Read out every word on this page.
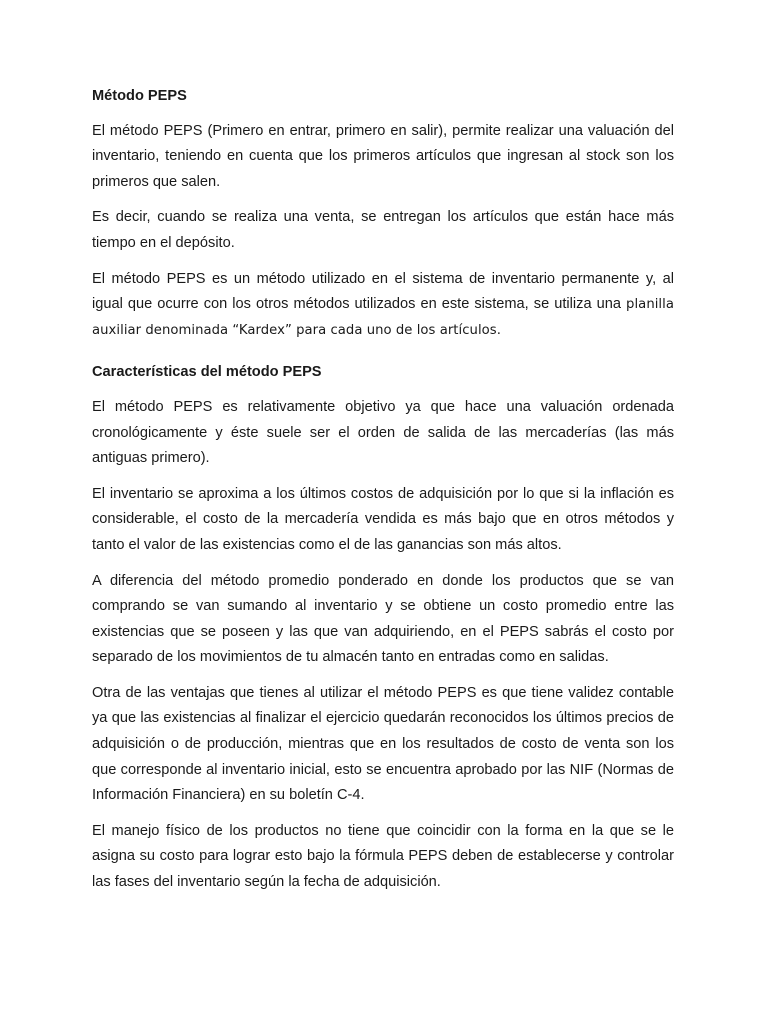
Método PEPS

El método PEPS (Primero en entrar, primero en salir), permite realizar una valuación del inventario, teniendo en cuenta que los primeros artículos que ingresan al stock son los primeros que salen.

Es decir, cuando se realiza una venta, se entregan los artículos que están hace más tiempo en el depósito.

El método PEPS es un método utilizado en el sistema de inventario permanente y, al igual que ocurre con los otros métodos utilizados en este sistema, se utiliza una planilla auxiliar denominada “Kardex” para cada uno de los artículos.

Características del método PEPS

El método PEPS es relativamente objetivo ya que hace una valuación ordenada cronológicamente y éste suele ser el orden de salida de las mercaderías (las más antiguas primero).

El inventario se aproxima a los últimos costos de adquisición por lo que si la inflación es considerable, el costo de la mercadería vendida es más bajo que en otros métodos y tanto el valor de las existencias como el de las ganancias son más altos.

A diferencia del método promedio ponderado en donde los productos que se van comprando se van sumando al inventario y se obtiene un costo promedio entre las existencias que se poseen y las que van adquiriendo, en el PEPS sabrás el costo por separado de los movimientos de tu almacén tanto en entradas como en salidas.

Otra de las ventajas que tienes al utilizar el método PEPS es que tiene validez contable ya que las existencias al finalizar el ejercicio quedarán reconocidos los últimos precios de adquisición o de producción, mientras que en los resultados de costo de venta son los que corresponde al inventario inicial, esto se encuentra aprobado por las NIF (Normas de Información Financiera) en su boletín C-4.

El manejo físico de los productos no tiene que coincidir con la forma en la que se le asigna su costo para lograr esto bajo la fórmula PEPS deben de establecerse y controlar las fases del inventario según la fecha de adquisición.
